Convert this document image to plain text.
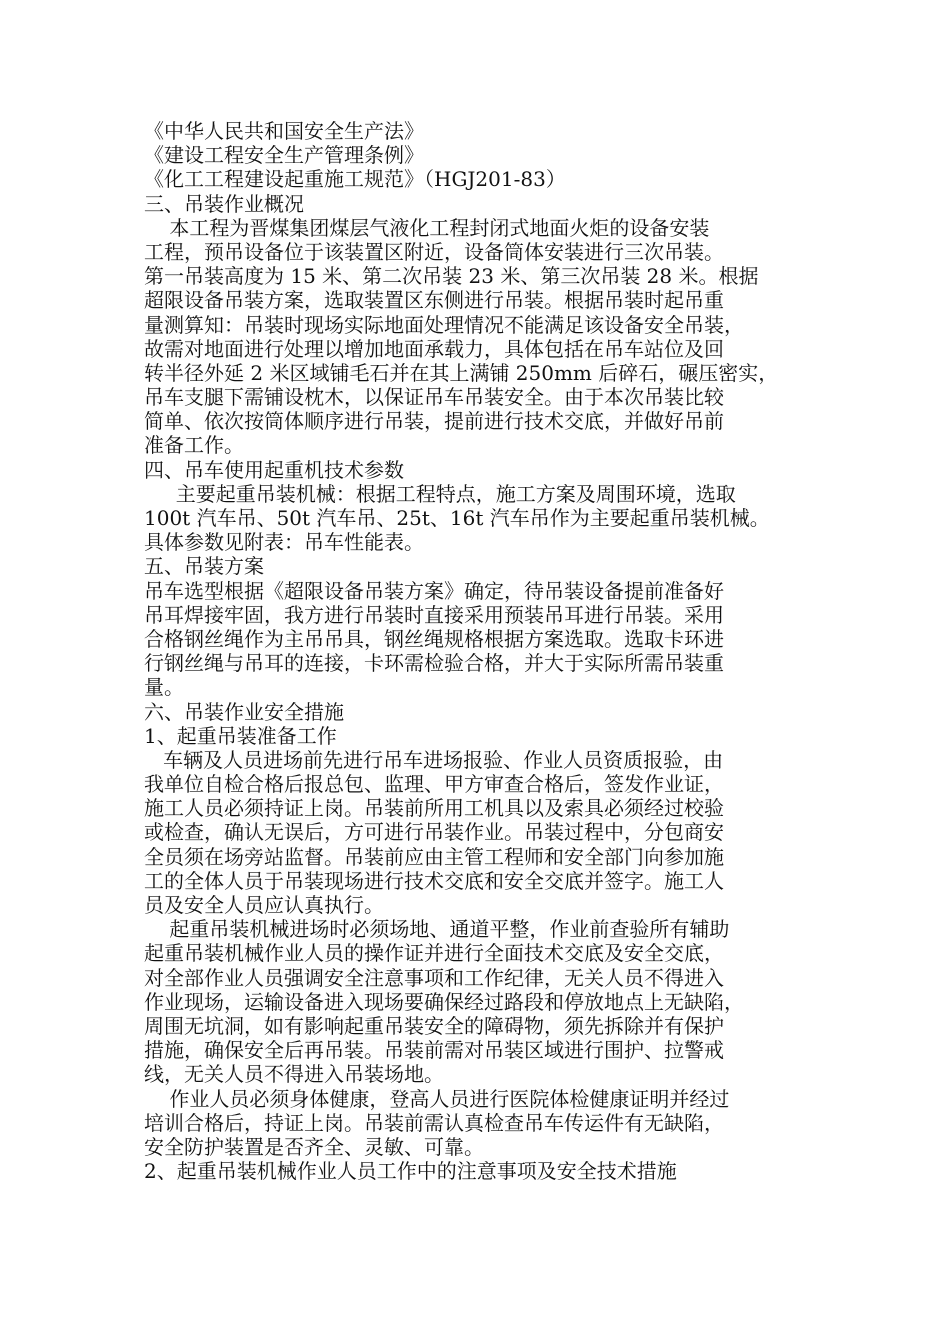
《中华人民共和国安全生产法》
《建设工程安全生产管理条例》
《化工工程建设起重施工规范》（HGJ201-83）
三、吊装作业概况
本工程为晋煤集团煤层气液化工程封闭式地面火炬的设备安装
工程，预吊设备位于该装置区附近，设备筒体安装进行三次吊装。
第一吊装高度为 15 米、第二次吊装 23 米、第三次吊装 28 米。根据
超限设备吊装方案，选取装置区东侧进行吊装。根据吊装时起吊重
量测算知：吊装时现场实际地面处理情况不能满足该设备安全吊装，
故需对地面进行处理以增加地面承载力，具体包括在吊车站位及回
转半径外延 2 米区域铺毛石并在其上满铺 250mm 后碎石，碾压密实，
吊车支腿下需铺设枕木，以保证吊车吊装安全。由于本次吊装比较
简单、依次按筒体顺序进行吊装，提前进行技术交底，并做好吊前
准备工作。
四、吊车使用起重机技术参数
主要起重吊装机械：根据工程特点，施工方案及周围环境，选取
100t 汽车吊、50t 汽车吊、25t、16t 汽车吊作为主要起重吊装机械。
具体参数见附表：吊车性能表。
五、吊装方案
吊车选型根据《超限设备吊装方案》确定，待吊装设备提前准备好
吊耳焊接牢固，我方进行吊装时直接采用预装吊耳进行吊装。采用
合格钢丝绳作为主吊吊具，钢丝绳规格根据方案选取。选取卡环进
行钢丝绳与吊耳的连接，卡环需检验合格，并大于实际所需吊装重
量。
六、吊装作业安全措施
1、起重吊装准备工作
车辆及人员进场前先进行吊车进场报验、作业人员资质报验，由
我单位自检合格后报总包、监理、甲方审查合格后，签发作业证，
施工人员必须持证上岗。吊装前所用工机具以及索具必须经过校验
或检查，确认无误后，方可进行吊装作业。吊装过程中，分包商安
全员须在场旁站监督。吊装前应由主管工程师和安全部门向参加施
工的全体人员于吊装现场进行技术交底和安全交底并签字。施工人
员及安全人员应认真执行。
起重吊装机械进场时必须场地、通道平整，作业前查验所有辅助
起重吊装机械作业人员的操作证并进行全面技术交底及安全交底，
对全部作业人员强调安全注意事项和工作纪律，无关人员不得进入
作业现场，运输设备进入现场要确保经过路段和停放地点上无缺陷，
周围无坑洞，如有影响起重吊装安全的障碍物，须先拆除并有保护
措施，确保安全后再吊装。吊装前需对吊装区域进行围护、拉警戒
线，无关人员不得进入吊装场地。
作业人员必须身体健康，登高人员进行医院体检健康证明并经过
培训合格后，持证上岗。吊装前需认真检查吊车传运件有无缺陷，
安全防护装置是否齐全、灵敏、可靠。
2、起重吊装机械作业人员工作中的注意事项及安全技术措施
